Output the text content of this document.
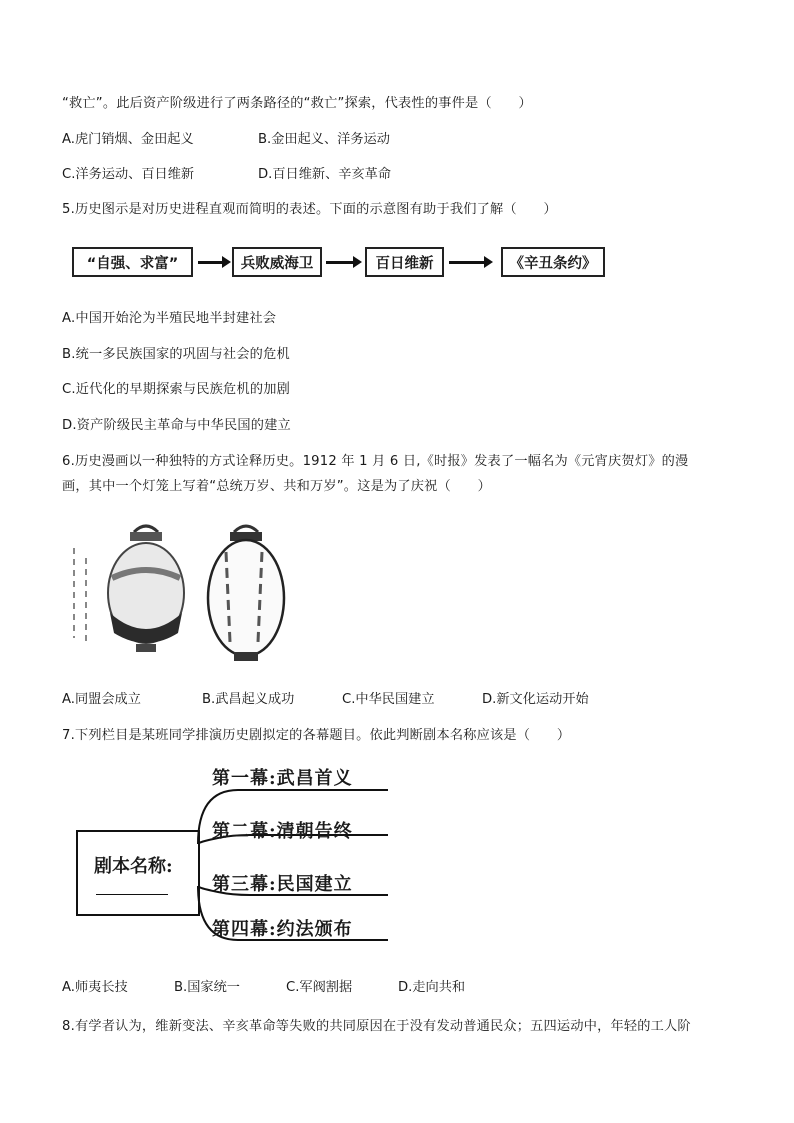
“救亡”。此后资产阶级进行了两条路径的“救亡”探索，代表性的事件是（　　）
A.虎门销烟、金田起义	B.金田起义、洋务运动
C.洋务运动、百日维新	D.百日维新、辛亥革命
5.历史图示是对历史进程直观而简明的表述。下面的示意图有助于我们了解（　　）
“自强、求富”	兵败威海卫	百日维新	《辛丑条约》
A.中国开始沦为半殖民地半封建社会
B.统一多民族国家的巩固与社会的危机
C.近代化的早期探索与民族危机的加剧
D.资产阶级民主革命与中华民国的建立
6.历史漫画以一种独特的方式诠释历史。1912 年 1 月 6 日,《时报》发表了一幅名为《元宵庆贺灯》的漫
画，其中一个灯笼上写着“总统万岁、共和万岁”。这是为了庆祝（　　）
A.同盟会成立	B.武昌起义成功	C.中华民国建立	D.新文化运动开始
7.下列栏目是某班同学排演历史剧拟定的各幕题目。依此判断剧本名称应该是（　　）
剧本名称:
第一幕:武昌首义
第二幕:清朝告终
第三幕:民国建立
第四幕:约法颁布
A.师夷长技	B.国家统一	C.军阀割据	D.走向共和
8.有学者认为，维新变法、辛亥革命等失败的共同原因在于没有发动普通民众；五四运动中，年轻的工人阶
